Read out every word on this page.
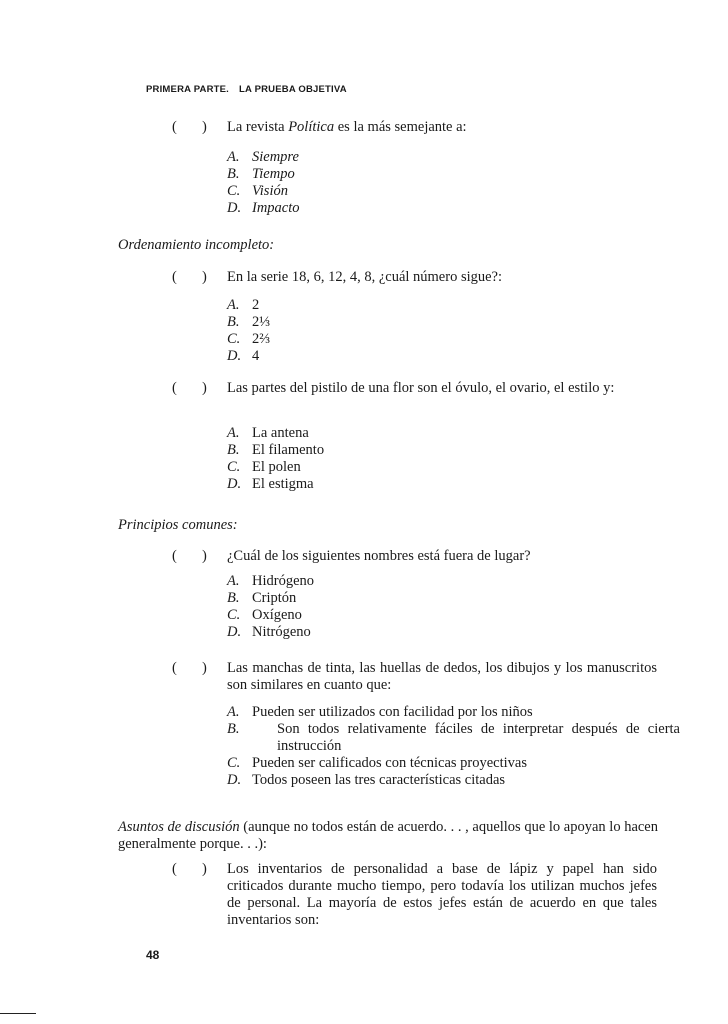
PRIMERA PARTE. LA PRUEBA OBJETIVA
( ) La revista Política es la más semejante a:
A. Siempre
B. Tiempo
C. Visión
D. Impacto
Ordenamiento incompleto:
( ) En la serie 18, 6, 12, 4, 8, ¿cuál número sigue?:
A. 2
B. 2⅓
C. 2⅔
D. 4
( ) Las partes del pistilo de una flor son el óvulo, el ovario, el estilo y:
A. La antena
B. El filamento
C. El polen
D. El estigma
Principios comunes:
( ) ¿Cuál de los siguientes nombres está fuera de lugar?
A. Hidrógeno
B. Criptón
C. Oxígeno
D. Nitrógeno
( ) Las manchas de tinta, las huellas de dedos, los dibujos y los manuscritos son similares en cuanto que:
A. Pueden ser utilizados con facilidad por los niños
B.	Son todos relativamente fáciles de interpretar después de cierta instrucción
C. Pueden ser calificados con técnicas proyectivas
D. Todos poseen las tres características citadas
Asuntos de discusión (aunque no todos están de acuerdo. . . , aquellos que lo apoyan lo hacen generalmente porque. . .):
( ) Los inventarios de personalidad a base de lápiz y papel han sido criticados durante mucho tiempo, pero todavía los utilizan muchos jefes de personal. La mayoría de estos jefes están de acuerdo en que tales inventarios son:
48
